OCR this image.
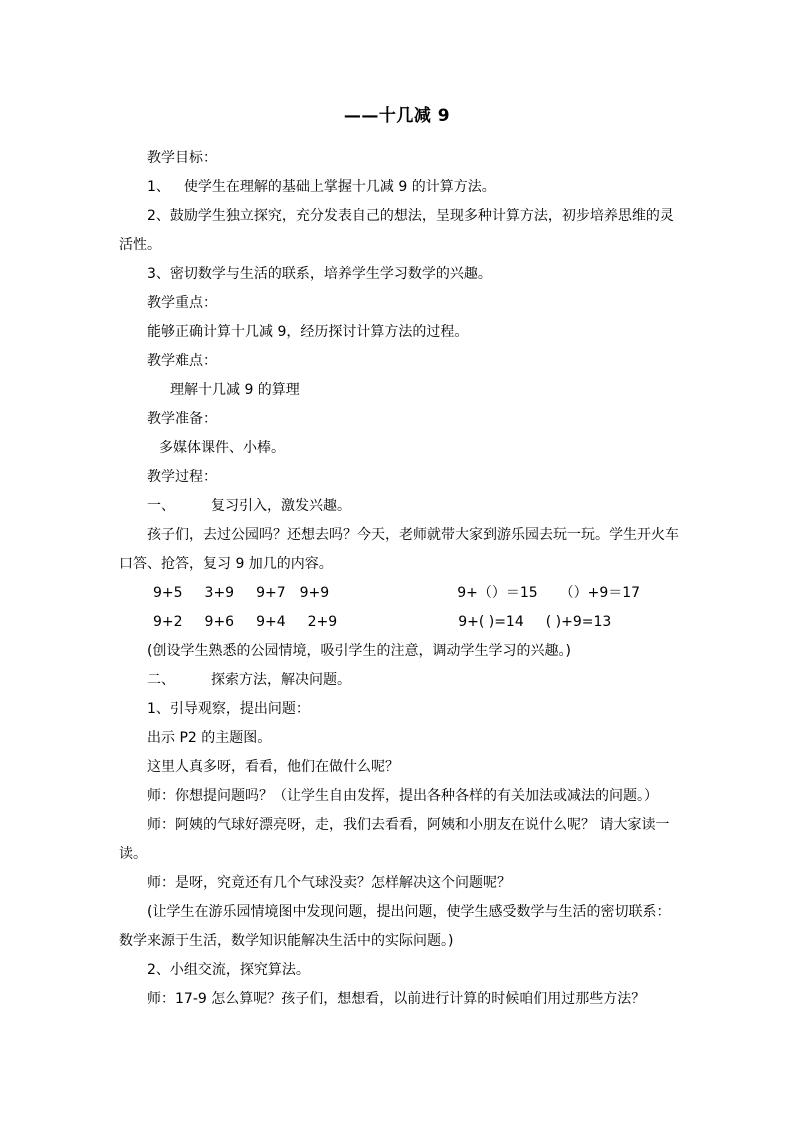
——十几减 9
教学目标：
1、 使学生在理解的基础上掌握十几减 9 的计算方法。
2、鼓励学生独立探究，充分发表自己的想法，呈现多种计算方法，初步培养思维的灵活性。
3、密切数学与生活的联系，培养学生学习数学的兴趣。
教学重点：
能够正确计算十几减 9，经历探讨计算方法的过程。
教学难点：
理解十几减 9 的算理
教学准备：
多媒体课件、小棒。
教学过程：
一、	复习引入，激发兴趣。
孩子们，去过公园吗？还想去吗？今天，老师就带大家到游乐园去玩一玩。学生开火车口答、抢答，复习 9 加几的内容。
9+5 3+9 9+7 9+9	9+（）＝15 （）+9＝17
9+2 9+6 9+4 2+9	9+( )=14 ( )+9=13
(创设学生熟悉的公园情境，吸引学生的注意，调动学生学习的兴趣。)
二、	探索方法，解决问题。
1、引导观察，提出问题：
出示 P2 的主题图。
这里人真多呀，看看，他们在做什么呢？
师：你想提问题吗？（让学生自由发挥，提出各种各样的有关加法或减法的问题。）
师：阿姨的气球好漂亮呀，走，我们去看看，阿姨和小朋友在说什么呢？ 请大家读一读。
师：是呀，究竟还有几个气球没卖？怎样解决这个问题呢？
(让学生在游乐园情境图中发现问题，提出问题，使学生感受数学与生活的密切联系：数学来源于生活，数学知识能解决生活中的实际问题。)
2、小组交流，探究算法。
师：17-9 怎么算呢？孩子们，想想看，以前进行计算的时候咱们用过那些方法？
